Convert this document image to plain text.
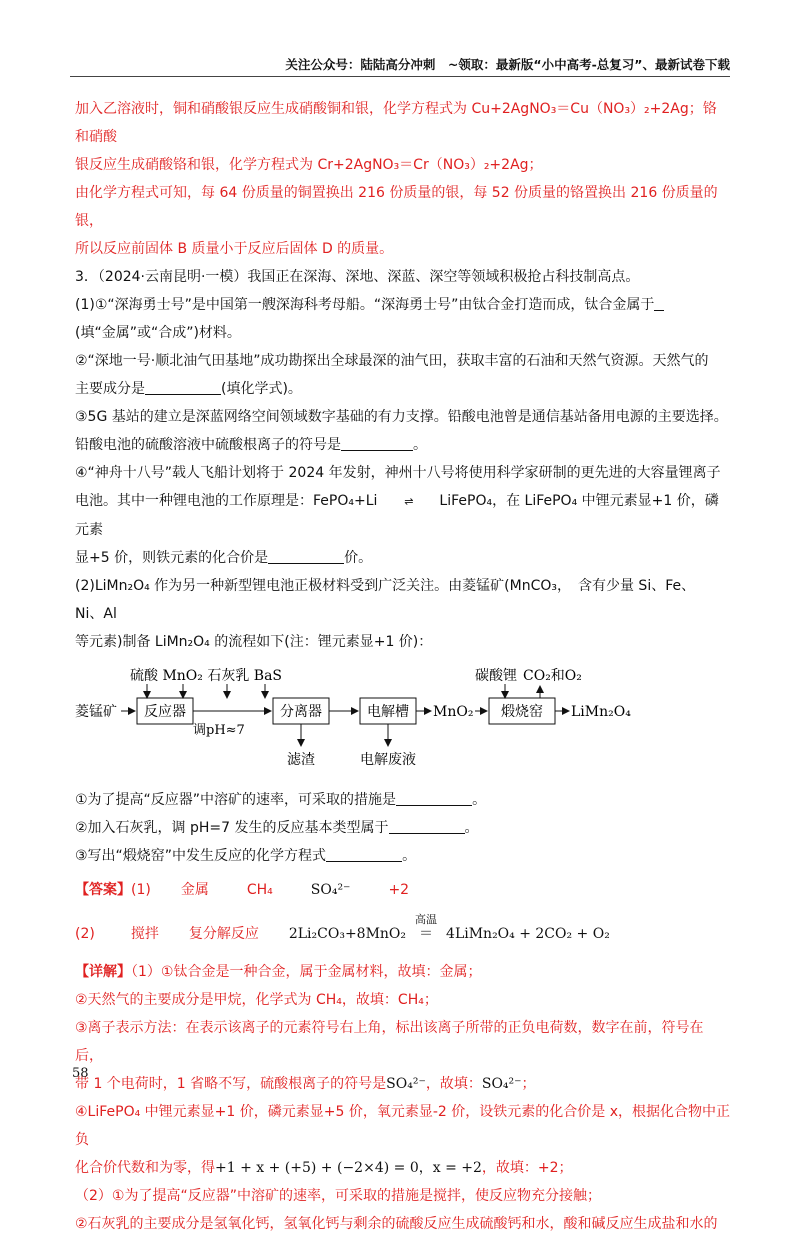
关注公众号：陆陆高分冲刺　~领取：最新版“小中高考-总复习”、最新试卷下载

加入乙溶液时，铜和硝酸银反应生成硝酸铜和银，化学方程式为 Cu+2AgNO₃＝Cu（NO₃）₂+2Ag；铬和硝酸

银反应生成硝酸铬和银，化学方程式为 Cr+2AgNO₃＝Cr（NO₃）₂+2Ag；

由化学方程式可知，每 64 份质量的铜置换出 216 份质量的银，每 52 份质量的铬置换出 216 份质量的银，

所以反应前固体 B 质量小于反应后固体 D 的质量。

3．（2024·云南昆明·一模）我国正在深海、深地、深蓝、深空等领域积极抢占科技制高点。

(1)①“深海勇士号”是中国第一艘深海科考母船。“深海勇士号”由钛合金打造而成，钛合金属于

(填“金属”或“合成”)材料。

②“深地一号·顺北油气田基地”成功勘探出全球最深的油气田，获取丰富的石油和天然气资源。天然气的

主要成分是	(填化学式)。

③5G 基站的建立是深蓝网络空间领域数字基础的有力支撑。铅酸电池曾是通信基站备用电源的主要选择。

铅酸电池的硫酸溶液中硫酸根离子的符号是	。

④“神舟十八号”载人飞船计划将于 2024 年发射，神州十八号将使用科学家研制的更先进的大容量锂离子

电池。其中一种锂电池的工作原理是：FePO₄+Li ⇌ LiFePO₄，在 LiFePO₄ 中锂元素显+1 价，磷元素

显+5 价，则铁元素的化合价是	价。

(2)LiMn₂O₄ 作为另一种新型锂电池正极材料受到广泛关注。由菱锰矿(MnCO₃，　含有少量 Si、Fe、　Ni、Al

等元素)制备 LiMn₂O₄ 的流程如下(注：锂元素显+1 价)：

硫酸 MnO₂ 石灰乳 BaS
菱锰矿 反应器
调pH≈7
分离器
滤渣
电解槽
电解废液
MnO₂
碳酸锂 CO₂和O₂
煅烧窑 LiMn₂O₄

①为了提高“反应器”中溶矿的速率，可采取的措施是	。

②加入石灰乳，调 pH=7 发生的反应基本类型属于	。

③写出“煅烧窑”中发生反应的化学方程式	。

【答案】 (1) 金属	CH₄	SO₄²⁻	+2
(2)	搅拌 复分解反应 2Li₂CO₃+8MnO₂
高温
＝ 4LiMn₂O₄ + 2CO₂ + O₂

【详解】（1）①钛合金是一种合金，属于金属材料，故填：金属；

②天然气的主要成分是甲烷，化学式为 CH₄，故填：CH₄；

③离子表示方法：在表示该离子的元素符号右上角，标出该离子所带的正负电荷数，数字在前，符号在后，

带 1 个电荷时，1 省略不写，硫酸根离子的符号是SO₄²⁻，故填：SO₄²⁻；

④LiFePO₄ 中锂元素显+1 价，磷元素显+5 价，氧元素显-2 价，设铁元素的化合价是 x，根据化合物中正负

化合价代数和为零，得+1 + x + (+5) + (−2×4) = 0，x = +2，故填：+2；

（2）①为了提高“反应器”中溶矿的速率，可采取的措施是搅拌，使反应物充分接触；

②石灰乳的主要成分是氢氧化钙，氢氧化钙与剩余的硫酸反应生成硫酸钙和水，酸和碱反应生成盐和水的

58
